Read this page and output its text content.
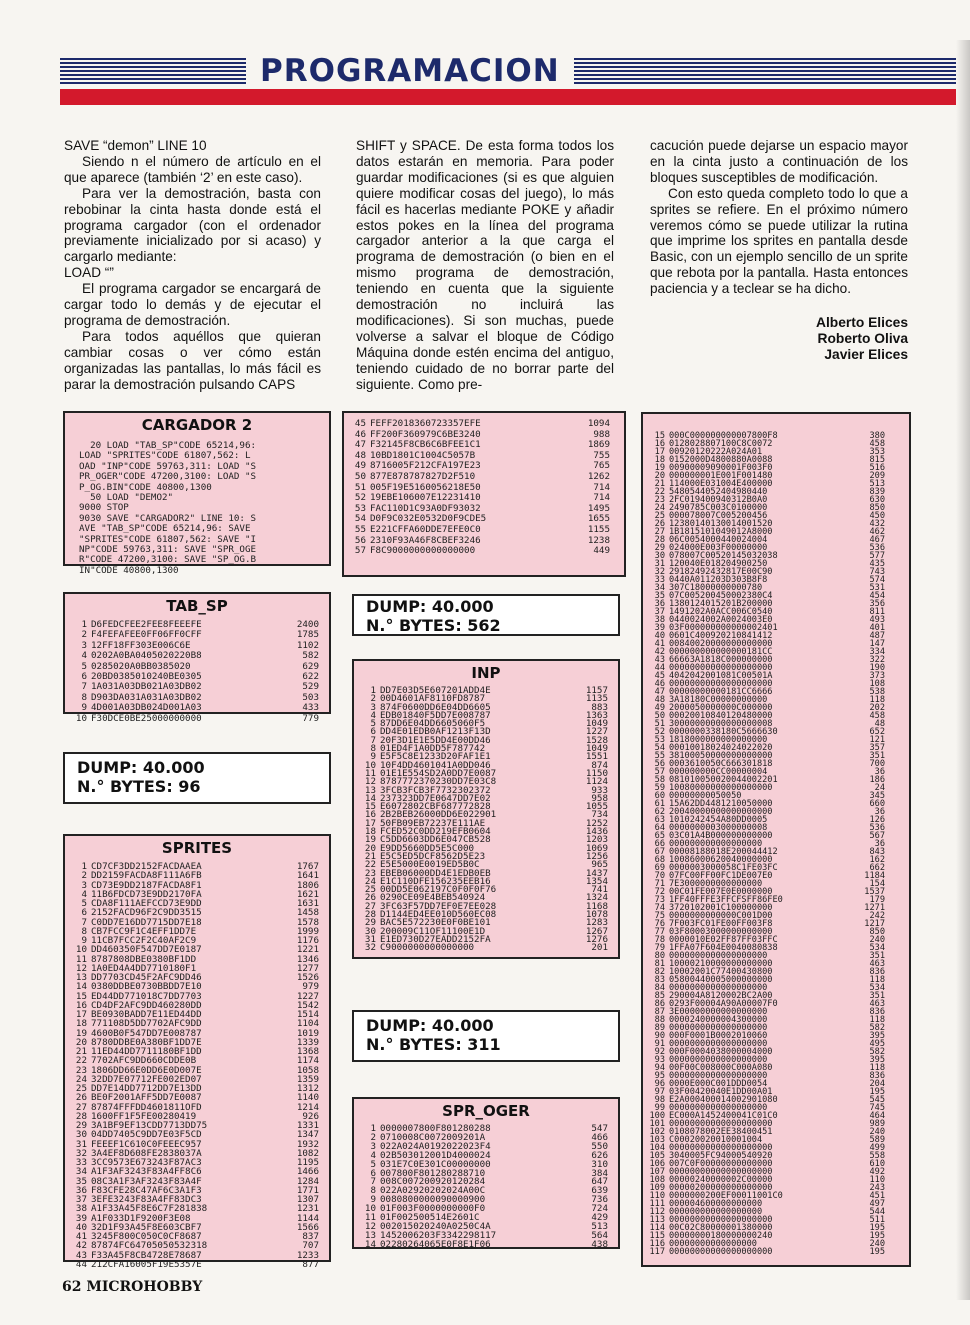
PROGRAMACION

SAVE “demo​n” LINE 10

Siendo n el número de artículo en el que aparece (también ‘2’ en este caso).

Para ver la demostración, basta con rebobinar la cinta hasta donde está el programa cargador (con el ordenador previamente inicializado por si acaso) y cargarlo mediante:

LOAD “”

El programa cargador se encargará de cargar todo lo demás y de ejecutar el programa de demostración.

Para todos aquéllos que quieran cambiar cosas o ver cómo están organizadas las pantallas, lo más fácil es parar la demostración pulsando CAPS

SHIFT y SPACE. De esta forma todos los datos estarán en memoria. Para poder guardar modificaciones (si es que alguien quiere modificar cosas del juego), lo más fácil es hacerlas mediante POKE y añadir estos pokes en la línea del programa cargador anterior a la que carga el programa de demostración (o bien en el mismo programa de demostración, teniendo en cuenta que la siguiente demostración no incluirá las modificaciones). Si son muchas, puede volverse a salvar el bloque de Código Máquina donde estén encima del antiguo, teniendo cuidado de no borrar parte del siguiente. Como pre-

cacución puede dejarse un espacio mayor en la cinta justo a continuación de los bloques susceptibles de modificación.

Con esto queda completo todo lo que a sprites se refiere. En el próximo número veremos cómo se puede utilizar la rutina que imprime los sprites en pantalla desde Basic, con un ejemplo sencillo de un sprite que rebota por la pantalla. Hasta entonces paciencia y a teclear se ha dicho.

Alberto Elices
Roberto Oliva
Javier Elices
CARGADOR 2
20 LOAD "TAB_SP"CODE 65214,96:
LOAD "SPRITES"CODE 61807,562: L
OAD "INP"CODE 59763,311: LOAD "S
PR_OGER"CODE 47200,3100: LOAD "S
P_OG.BIN"CODE 40800,1300
50 LOAD "DEMO2"
9000 STOP
9030 SAVE "CARGADOR2" LINE 10: S
AVE "TAB_SP"CODE 65214,96: SAVE
"SPRITES"CODE 61807,562: SAVE "I
NP"CODE 59763,311: SAVE "SPR_OGE
R"CODE 47200,3100: SAVE "SP_OG.B
IN"CODE 40800,1300
TAB_SP
1 D6FEDCFEE2FEE8FEEEFE	2400
2 F4FEFAFEE0FF06FF0CFF	1785
3 12FF18FF303E006C6E	1102
4 0202A0BA0405020220B8	582
5 0285020A0BB0385020	629
6 20BD0385010240BE0305	622
7 1A031A03DB021A03DB02	529
8 D903DA031A031A03DB02	503
9 4D001A03DB024D001A03	433
10 F30DCE0BE25000000000	779
DUMP: 40.000
N.° BYTES: 96
SPRITES
1 CD7CF3DD2152FACDAAEA	1767
2 DD2159FACDA8F111A6FB	1641
3 CD73E9DD2187FACDA8F1	1806
4 11B6FDCD73E9DD2170FA	1621
5 CDA8F111AEFCCD73E9DD	1631
6 2152FACD96F2C9DD3515	1458
7 C0DD7E16DD7715DD7E18	1578
8 CB7FCC9F1C4EFF1DD7E	1999
9 11CB7FCC2F2C40AF2C9	1176
10 DD460350F547DD7E0187	1221
11 8787808DBE0380BF1DD	1346
12 1A0ED4A4DD7710180F1	1277
13 DD7703CD45F2AFC9DD46	1526
14 0380DDBE0730BBDD7E10	979
15 ED44DD771018C7DD7703	1227
16 CD4DF2AFC9DD460280DD	1542
17 BE0930BADD7E11ED44DD	1514
18 771108D5DD7702AFC9DD	1104
19 4600B0F547DD7E008787	1019
20 8780DDBE0A380BF1DD7E	1339
21 11ED44DD7711180BF1DD	1368
22 7702AFC9DD660CDDE0B	1174
23 1806DD66E0DD6E0D007E	1058
24 32DD7E07712FE002ED07	1359
25 DD7E14DD7712DD7E13DD	1312
26 BE0F2001AFF5DD7E0087	1140
27 87874FFFDD4601811OFD	1214
28 1600FF1F5FE00280419	926
29 3A1BF9EF13CDD7713DD75	1331
30 04DD7405C9DD7E03F5CD	1347
31 FEEEF1C610C0FEEEC957	1932
32 3A4EF8D608FE2838037A	1082
33 3CC9573E673243F87AC3	1195
34 A1F3AF3243F83A4FF8C6	1466
35 08C3A1F3AF3243F83A4F	1284
36 F83CFE28C47AF6C3A1F3	1771
37 3EFE3243F83A4FF83DC3	1307
38 A1F33A45F8E6C7F281838	1231
39 A1F033D1F9200F3E08	1144
40 32D1F93A45F8E603CBF7	1566
41 3245F800C050C0CF8687	837
42 87874FC64705050532318	707
43 F33A45F8CB4728E78687	1233
44 212CFA16005F19E5357E	877
45 FEFF2018360723357EFE	1094
46 FF200F360979C6BE3240	988
47 F32145F8CB6C6BFEE1C1	1869
48 10BD1801C1004C5057B	755
49 8716005F212CFA197E23	765
50 877E878787827D2F510	1262
51 005F19E5160056218E50	714
52 19EBE106007E12231410	714
53 FAC110D1C93A0DF93032	1495
54 D0F9C032E0532D0F9CDE5	1655
55 E221CFFA60DDE7EFE0C0	1155
56 2310F93A46F8CBEF3246	1238
57 F8C9000000000000000	449
DUMP: 40.000
N.° BYTES: 562
INP
1 DD7E03D5E607201ADD4E	1157
2 00D4601AF8110FD8787	1135
3 874F0600DD6E04DD6605	883
4 EDB01840F5DD7E008787	1363
5 87DD6E04DD6605060F5	1049
6 DD4E01EDB0AF1213F13D	1227
7 20F3D1E1E5DD4E00DD46	1528
8 01ED4F1A0DD5F787742	1049
9 E5F5C8E1233D20FAF1E1	1551
10 10F4DD4601041A0DD046	874
11 01E1E554SD2A0DD7E0087	1150
12 8787772370230DD7E03C8	1124
13 3FCB3FCB3F7732302372	933
14 237323DD7E0647DD7E02	958
15 E6072802CBF687772828	1055
16 2B2BEB26000DD6E022901	734
17 50FB09EB72237E111AE	1252
18 FCED52C0DD219EFB0604	1436
19 C5DD6603DD6E047CB528	1203
20 E9DD5660DD5E5C000	1069
21 E5C5ED5DCF8562D5E23	1256
22 E5E5000E0019ED5B0C	965
23 EBEB06000DD4E1EDB0EB	1437
24 E1C110DFE156235EEB16	1354
25 00DD5E062197C0F0F0F76	741
26 0290CE09E4BEB540924	1324
27 3FC63F57DD7EF0E7EE028	1168
28 D1144ED4EE010D560EC08	1078
29 BAC5E572230E0F0BE101	1283
30 200009C11OF11100E1D	1267
31 E1ED730D27EADD2152FA	1276
32 C9000000000000000	201
DUMP: 40.000
N.° BYTES: 311
SPR_OGER
1 0000007800F801280288	547
2 0710008C0072009201A	466
3 022A024A0192022023F4	550
4 02B503012001D4000024	626
5 031E7C0E301C00000000	310
6 007800F801280288710	384
7 008C007200920120284	647
8 022A02920202024A00C	639
9 0080800000090000900	736
10 01F003F0000000000F0	724
11 01F002500514E2601C	429
12 002015020240A0250C4A	513
13 1452006203F3342298117	564
14 02280264065E0F8E1F06	438
15 000C000000000007800F8	380
16 0128028807100C8C0072	458
17 00920120222A024A01	353
18 0152000D4800880A0088	815
19 00900009090001F003F0	516
20 000000001E001F001480	209
21 114000E031004E400000	513
22 5480544052404980440	839
23 2FC019400940312B0A0	630
24 2490785C003C0100000	850
25 000078007C005200456	450
26 12380140130014001520	432
27 1B1815101049012A8000	462
28 06C0054000440024004	467
29 024000E003F00000000	536
30 078007C00520145032038	577
31 120040E018204900250	435
32 29182492432817E00C90	743
33 0440A011203D303B8F8	574
34 307C18000000000780	531
35 07C005200450002380C4	454
36 1380124015201B200000	356
37 1491202A0ACC006C0540	811
38 0440024002A0024003E0	493
39 03F000000000000002401	401
40 0601C400920210841412	487
41 00840020000000000000	147
42 000000000000000181CC	334
43 66663A1818C000000000	322
44 00000000000000000000	190
45 4042042001081C00501A	373
46 00000000000000000000	108
47 00000000000181CC6666	538
48 3A18180C00000000000	118
49 2000050000000C000000	202
50 00020010840120480000	458
51 30000000000000000008	48
52 0000000338180C5666630	652
53 1818000000000000000	121
54 00010018024024022020	357
55 38100050000000000000	351
56 0003610050C666301818	700
57 000000000CC00000004	36
58 081010050020044002201	186
59 10080000000000000000	24
60 00000000050050	345
61 15A62DD4481210050000	660
62 20040000000000000000	36
63 1010242454A80DD0005	126
64 0000000003000000008	536
65 03C01A4B000000000000	567
66 000000000000000000	36
67 00008188018E200044412	843
68 10086000620040000000	162
69 0000003000058C1FE03FC	662
70 07FC00FF00FC1DE007E0	1184
71 7E3000000000000000	154
72 00C01FE007E0E0000000	1537
73 1FF40FFFE3FFCFSFF86FE0	179
74 3720102001C100000000	1271
75 0000000000000C001D00	242
76 7F003FC01FE00FF003F8	1217
77 03F80003000000000000	850
78 0000010E02FF87FF03FFC	240
79 1FFA07F604E0040080838	534
80 0000000000000000000	351
81 10000210000000000000	463
82 10002001C77400430800	836
83 05800440005000000000	118
84 0000000000000000000	534
85 290004A8120002BC2A00	351
86 0293F00004A90A00007F0	463
87 3E00000000000000000	836
88 0000240000004300000	118
89 0000000000000000000	582
90 000F0001B0002010060	395
91 0000000000000000000	495
92 000F0004038000004000	582
93 0000000000000000000	395
94 00F00C008000C000A080	118
95 0000000000000000000	836
96 0000E000C001DDD0054	204
97 03F00420040E1DD00A01	195
98 E2A000400014002901080	545
99 0000000000000000000	745
100 EC000A1452400041C01C0	464
101 00000000000000000000	989
102 0108078002EE38400451	240
103 C00020020010001004	589
104 00000000000000000000	499
105 3040005FC94000540920	558
106 007C0F00000000000000	610
107 00000000000000000000	492
108 00000240000002C00000	110
109 00000200000000000000	243
110 0000000200EF00011001C0	451
111 000004600000000000	497
112 000000000000000000	544
113 00000000000000000000	511
114 00C02C80000001380000	195
115 00000000180000000240	195
116 00000000000000000	240
117 00000000000000000000	195
62 MICROHOBBY
